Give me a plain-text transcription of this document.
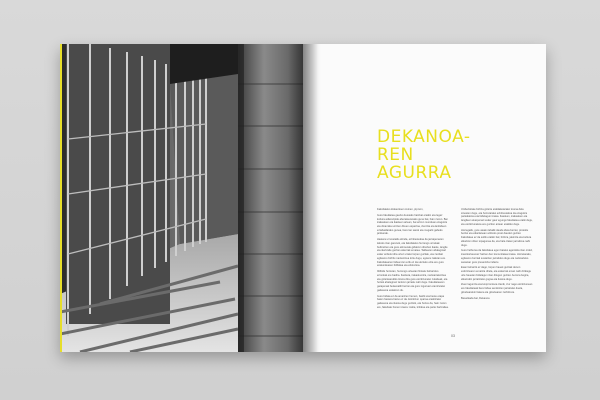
DEKANOA-
REN
AGURRA

Fakultateko kideenkoen zeinen, pip kon,

Gure fakultatea gaurko ikusteko hainbat eraikin eta legez kultura adierazpide aberatsenetako gune bat, hain zuzen. Bai irakasleen eta ikasleen artean, bai ertzen munduan ezagutza eta dinamika sortzen dituen espazioa, zientzia eta lanbideen eztabaidarako gunea, bere lan sarek eta mugarik gabeko jarduerak.

Hasiera urrunetatik ekinda, ezinbestekoa da jarraipenaren lekuko izan garenok, eta fakultateko hurrengo urratsak bultzatzen eta gure ekimenak gidatzen dituzten ikasle, langile eta ikertzaile guztiei eskerrak ematea. Taldearen ahaleginari esker erdietsi dira urtez urteko lorpen guztiak, eta zenbait egitasmo bizirik mantentzea lortu dugu, egoera zailetan ere. Fakultatearen bidea izan ezik ez da ulertuko ezta ere gure erakundearen ibilbidea eta eboluzioa.

Ibilbide horretan, hurrengo urteetan finkatu beharreko erronkak ere badira. Ikerketa, irakaskuntza, nazioartekotzea eta gizartearekiko lotura dira gure etorkizuneko zutabeak, eta horiek ahaleginez lantzen jarraitu nahi dugu. Fakultatearen garapenak belaunaldi berriei eta gure inguruari erantzuteko gaitasuna eskatzen du.

Gure bidaia ez da amaitzen hemen, baizik eta beste etapa baten hasiera baino ez da. Etorkizun oparoa eraikitzeko gaitasuna eta ilusioa dugu guztiok, eta horixe da, hain zuzen ere, fakultate honen izaera: irekia, kritikoa eta parte hartzailea.

Unibertsitate bizitza gizarte eraldaketarako tresna dela sinesten dugu, eta horretarako ezinbestekoa da ezagutza partekatzea eta bidelagun izatea. Ikasleen, irakasleen eta langileen ekarpenari esker gaur egungo fakultatea eraiki dugu, eta etorkizunekoa ere guztion artean eraikiko dugu.

Horregatik, gure ateak zabalik daude ideia berriei, proiektu berriei eta elkarlanean aritzeko prest dauden guztiei. Fakultatea ez da soilik eraikin bat; bizitza, jakintza eta kultura elkartzen diren topagunea da, eta hala izaten jarraitzea nahi dugu.

Gure helburua da fakultatea egun bateko agertokia izan ordez, iraunkortasunez hazten den komunitatea izatea. Horretarako, egitasmo berriak sustatzen jarraituko dugu eta nazioarteko sareetan gure presentzia indartu.

Esan beharrik ez dago, lorpen hauek guztiak denon esfortzuaren emaitza direla, eta eskerrak eman nahi dizkiegu urte hauetan bidelagun izan ditugun guztiei. Aurrera begira, elkarrekin jarraitzeko gogoa eta ilusioa dugu.

Zuen laguntza eta konpromisoa izanik, ziur nago etorkizunean ere fakultateak bere bidea sendotzen jarraituko duela, gizartearekin batera eta gizartearen zerbitzura.

Besarkada bat, Dekanoa

03
